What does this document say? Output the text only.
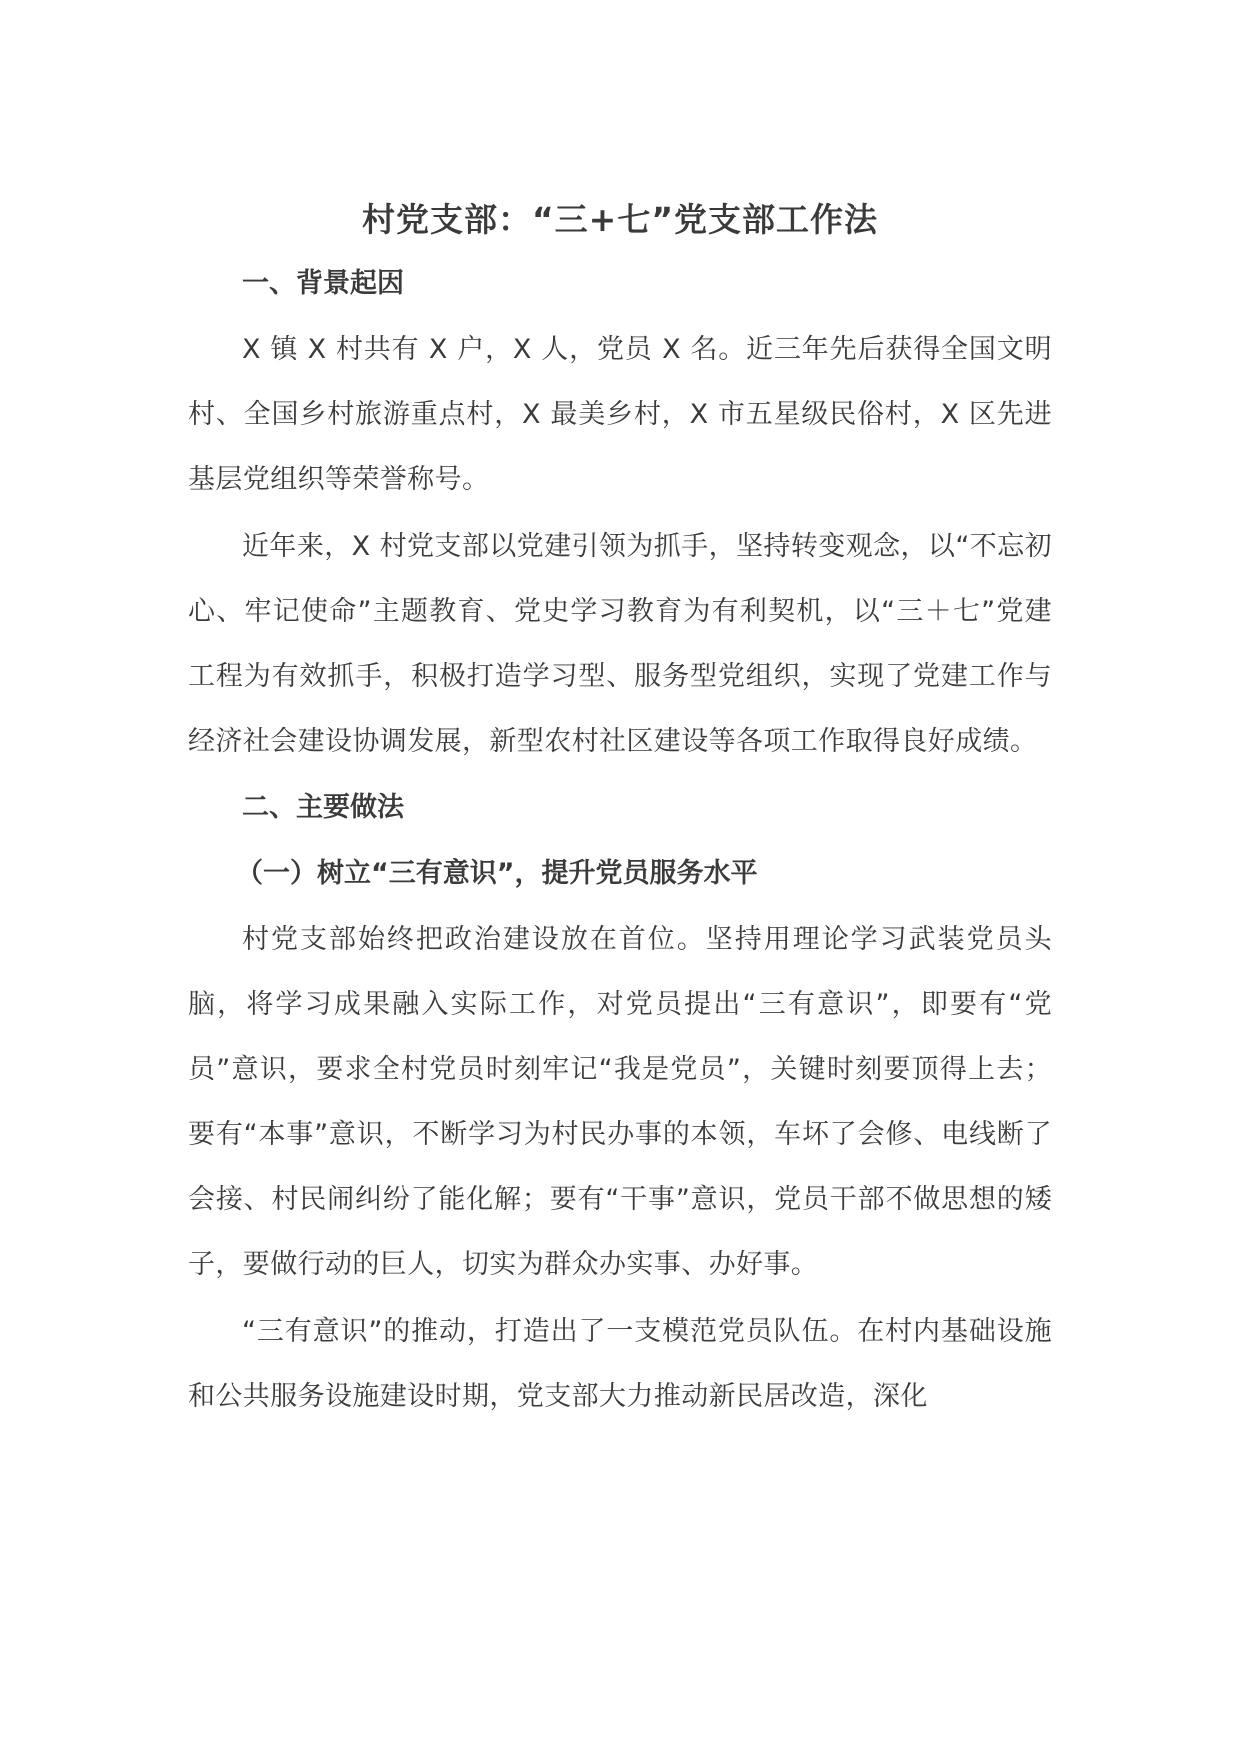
村党支部：“三+七”党支部工作法
一、背景起因
X 镇 X 村共有 X 户，X 人，党员 X 名。近三年先后获得全国文明村、全国乡村旅游重点村，X 最美乡村，X 市五星级民俗村，X 区先进基层党组织等荣誉称号。
近年来，X 村党支部以党建引领为抓手，坚持转变观念，以“不忘初心、牢记使命”主题教育、党史学习教育为有利契机，以“三＋七”党建工程为有效抓手，积极打造学习型、服务型党组织，实现了党建工作与经济社会建设协调发展，新型农村社区建设等各项工作取得良好成绩。
二、主要做法
（一）树立“三有意识”，提升党员服务水平
村党支部始终把政治建设放在首位。坚持用理论学习武装党员头脑，将学习成果融入实际工作，对党员提出“三有意识”，即要有“党员”意识，要求全村党员时刻牢记“我是党员”，关键时刻要顶得上去；要有“本事”意识，不断学习为村民办事的本领，车坏了会修、电线断了会接、村民闹纠纷了能化解；要有“干事”意识，党员干部不做思想的矮子，要做行动的巨人，切实为群众办实事、办好事。
“三有意识”的推动，打造出了一支模范党员队伍。在村内基础设施和公共服务设施建设时期，党支部大力推动新民居改造，深化
